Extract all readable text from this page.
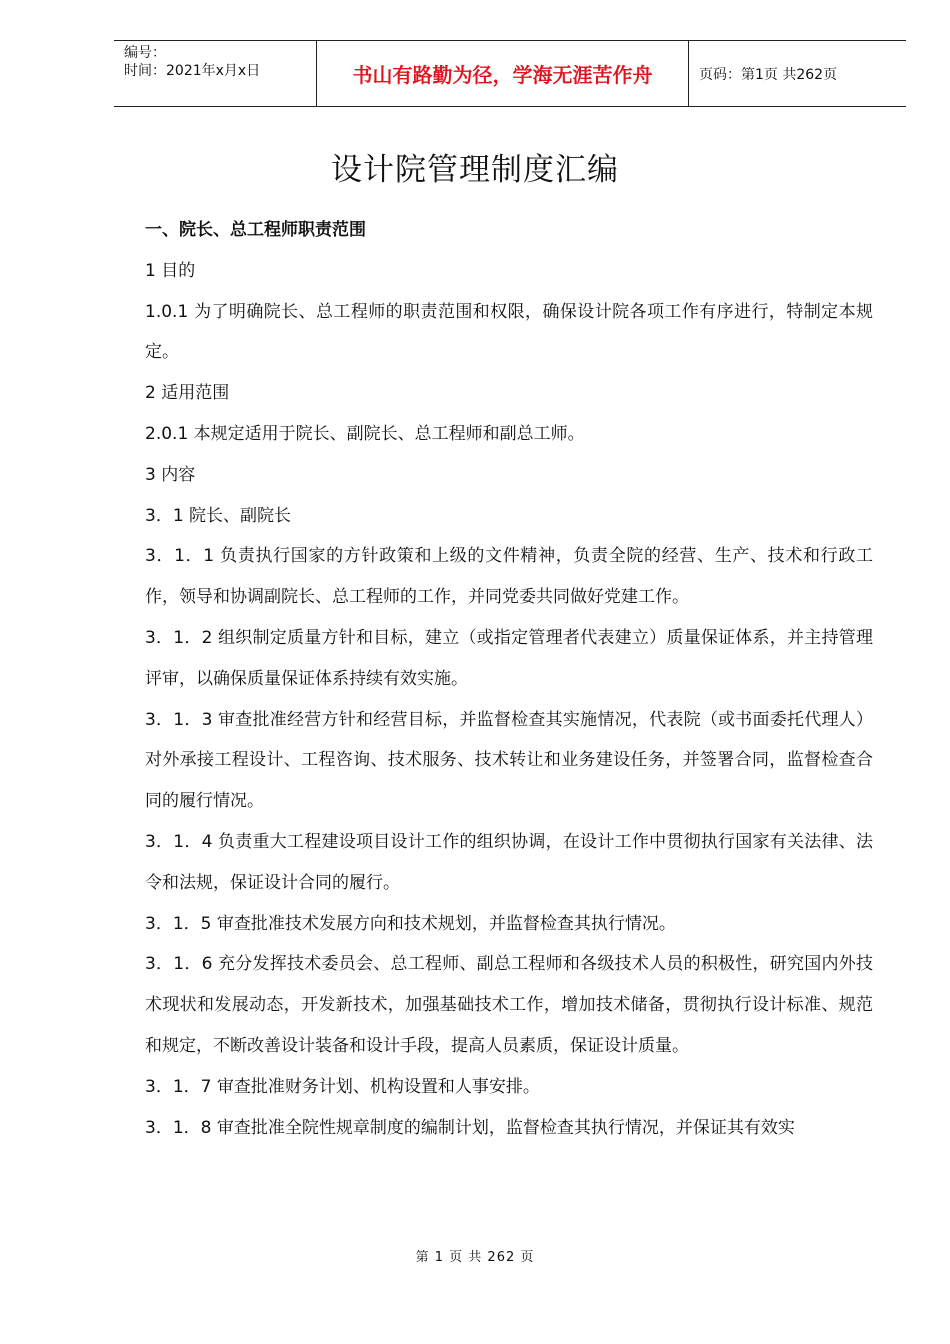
编号：
时间：2021年x月x日	书山有路勤为径，学海无涯苦作舟	页码：第1页 共262页
设计院管理制度汇编

一、院长、总工程师职责范围

1 目的

1.0.1 为了明确院长、总工程师的职责范围和权限，确保设计院各项工作有序进行，特制定本规定。

2 适用范围

2.0.1 本规定适用于院长、副院长、总工程师和副总工师。

3 内容

3．1 院长、副院长

3．1．1 负责执行国家的方针政策和上级的文件精神，负责全院的经营、生产、技术和行政工作，领导和协调副院长、总工程师的工作，并同党委共同做好党建工作。

3．1．2 组织制定质量方针和目标，建立（或指定管理者代表建立）质量保证体系，并主持管理评审，以确保质量保证体系持续有效实施。

3．1．3 审查批准经营方针和经营目标，并监督检查其实施情况，代表院（或书面委托代理人）对外承接工程设计、工程咨询、技术服务、技术转让和业务建设任务，并签署合同，监督检查合同的履行情况。

3．1．4 负责重大工程建设项目设计工作的组织协调，在设计工作中贯彻执行国家有关法律、法令和法规，保证设计合同的履行。

3．1．5 审查批准技术发展方向和技术规划，并监督检查其执行情况。

3．1．6 充分发挥技术委员会、总工程师、副总工程师和各级技术人员的积极性，研究国内外技术现状和发展动态，开发新技术，加强基础技术工作，增加技术储备，贯彻执行设计标准、规范和规定，不断改善设计装备和设计手段，提高人员素质，保证设计质量。

3．1．7 审查批准财务计划、机构设置和人事安排。

3．1．8 审查批准全院性规章制度的编制计划，监督检查其执行情况，并保证其有效实

第 1 页 共 262 页
